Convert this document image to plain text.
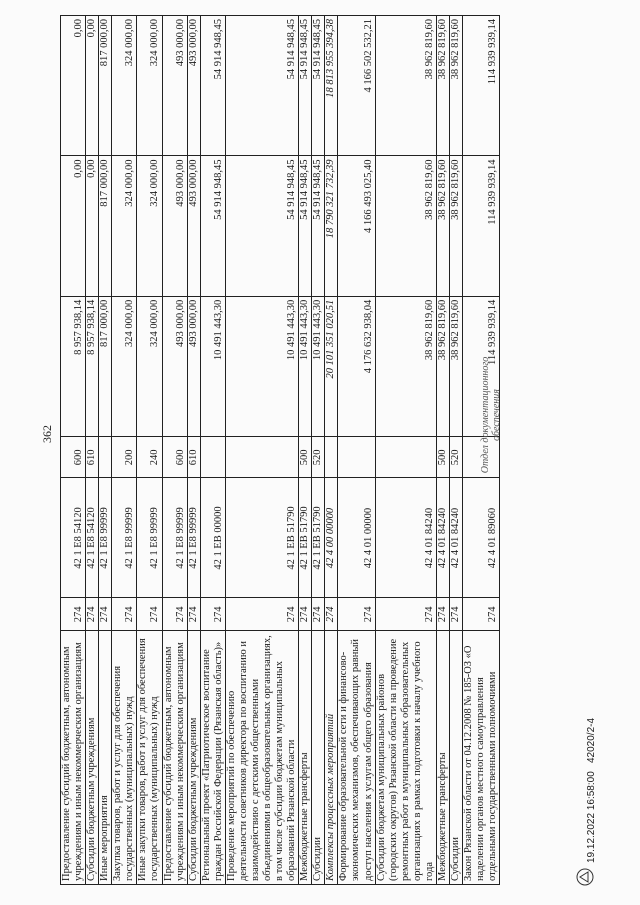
362
Предоставление субсидий бюджетным, автономным учреждениям и иным некоммерческим организациям	274	42 1 E8 54120	600	8 957 938,14	0,00	0,00
Субсидии бюджетным учреждениям	274	42 1 E8 54120	610	8 957 938,14	0,00	0,00
Иные мероприятия	274	42 1 E8 99999		817 000,00	817 000,00	817 000,00
Закупка товаров, работ и услуг для обеспечения государственных (муниципальных) нужд	274	42 1 E8 99999	200	324 000,00	324 000,00	324 000,00
Иные закупки товаров, работ и услуг для обеспечения государственных (муниципальных) нужд	274	42 1 E8 99999	240	324 000,00	324 000,00	324 000,00
Предоставление субсидий бюджетным, автономным учреждениям и иным некоммерческим организациям	274	42 1 E8 99999	600	493 000,00	493 000,00	493 000,00
Субсидии бюджетным учреждениям	274	42 1 E8 99999	610	493 000,00	493 000,00	493 000,00
Региональный проект «Патриотическое воспитание граждан Российской Федерации (Рязанская область)»	274	42 1 EB 00000		10 491 443,30	54 914 948,45	54 914 948,45
Проведение мероприятий по обеспечению деятельности советников директора по воспитанию и взаимодействию с детскими общественными объединениями в общеобразовательных организациях, в том числе субсидии бюджетам муниципальных образований Рязанской области	274	42 1 EB 51790		10 491 443,30	54 914 948,45	54 914 948,45
Межбюджетные трансферты	274	42 1 EB 51790	500	10 491 443,30	54 914 948,45	54 914 948,45
Субсидии	274	42 1 EB 51790	520	10 491 443,30	54 914 948,45	54 914 948,45
Комплексы процессных мероприятий	274	42 4 00 00000		20 101 351 020,51	18 790 321 732,39	18 813 955 394,38
Формирование образовательной сети и финансово-экономических механизмов, обеспечивающих равный доступ населения к услугам общего образования	274	42 4 01 00000		4 176 632 938,04	4 166 493 025,40	4 166 502 532,21
Субсидии бюджетам муниципальных районов (городских округов) Рязанской области на проведение ремонтных работ в муниципальных образовательных организациях в рамках подготовки к началу учебного года	274	42 4 01 84240		38 962 819,60	38 962 819,60	38 962 819,60
Межбюджетные трансферты	274	42 4 01 84240	500	38 962 819,60	38 962 819,60	38 962 819,60
Субсидии	274	42 4 01 84240	520	38 962 819,60	38 962 819,60	38 962 819,60
Закон Рязанской области от 04.12.2008 № 185-ОЗ «О наделении органов местного самоуправления отдельными государственными полномочиями	274	42 4 01 89060		114 939 939,14	114 939 939,14	114 939 939,14
Отдел документационного обеспечения
19.12.2022 16:58:00
42020/2-4
